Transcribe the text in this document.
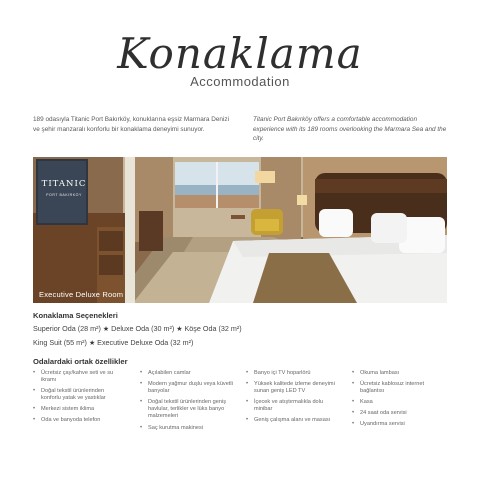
Konaklama
Accommodation

189 odasıyla Titanic Port Bakırköy, konuklarına eşsiz Marmara Denizi ve şehir manzaralı konforlu bir konaklama deneyimi sunuyor.

Titanic Port Bakırköy offers a comfortable accommodation experience with its 189 rooms overlooking the Marmara Sea and the city.

TITANIC
PORT BAKIRKÖY
Executive Deluxe Room
Konaklama Seçenekleri
Superior Oda (28 m²) ★ Deluxe Oda (30 m²) ★ Köşe Oda (32 m²)
King Suit (55 m²) ★ Executive Deluxe Oda (32 m²)
Odalardaki ortak özellikler
• Ücretsiz çay/kahve seti ve su ikramı
• Doğal tekstil ürünlerinden konforlu yatak ve yastıklar
• Merkezi sistem iklima
• Oda ve banyoda telefon
• Açılabilen camlar
• Modern yağmur duşlu veya küvetli banyolar
• Doğal tekstil ürünlerinden geniş havlular, terlikler ve lüks banyo malzemeleri
• Saç kurutma makinesi
• Banyo içi TV hoparlörü
• Yüksek kalitede izleme deneyimi sunan geniş LED TV
• İçecek ve atıştırmalıkla dolu minibar
• Geniş çalışma alanı ve masası
• Okuma lambası
• Ücretsiz kablosuz internet bağlantısı
• Kasa
• 24 saat oda servisi
• Uyandırma servisi
